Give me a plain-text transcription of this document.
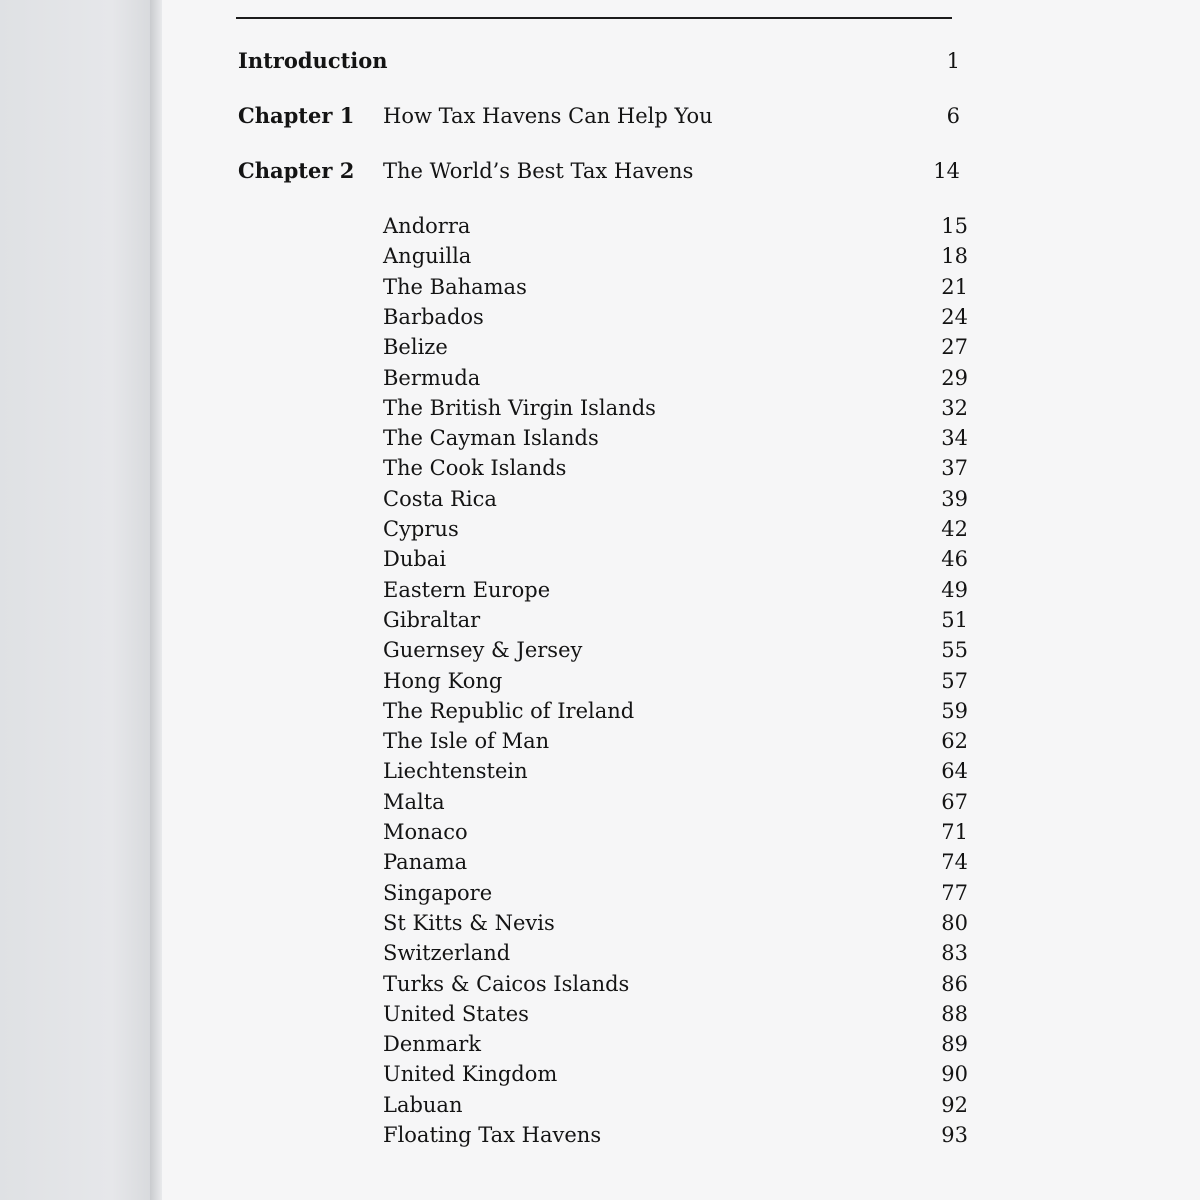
Introduction	1
Chapter 1 How Tax Havens Can Help You	6
Chapter 2 The World’s Best Tax Havens	14
Andorra	15
Anguilla	18
The Bahamas	21
Barbados	24
Belize	27
Bermuda	29
The British Virgin Islands	32
The Cayman Islands	34
The Cook Islands	37
Costa Rica	39
Cyprus	42
Dubai	46
Eastern Europe	49
Gibraltar	51
Guernsey & Jersey	55
Hong Kong	57
The Republic of Ireland	59
The Isle of Man	62
Liechtenstein	64
Malta	67
Monaco	71
Panama	74
Singapore	77
St Kitts & Nevis	80
Switzerland	83
Turks & Caicos Islands	86
United States	88
Denmark	89
United Kingdom	90
Labuan	92
Floating Tax Havens	93
